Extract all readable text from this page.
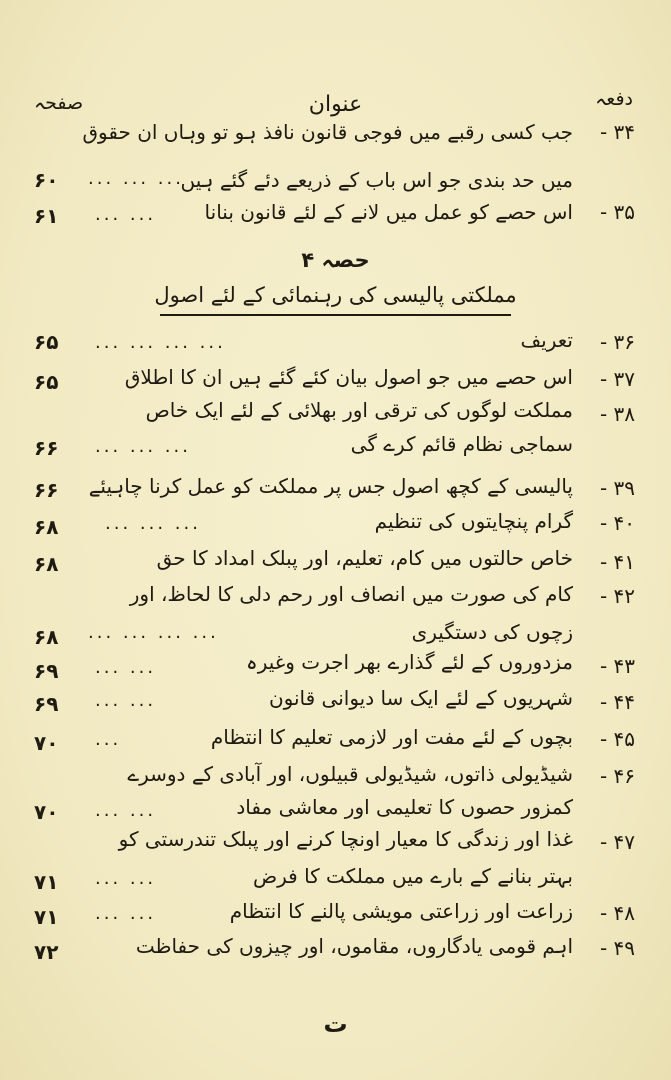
دفعہ
عنوان
صفحہ
۳۴ -
جب کسی رقبے میں فوجی قانون نافذ ہو تو وہاں ان حقوق
میں حد بندی جو اس باب کے ذریعے دئے گئے ہیں
... ... ...
۶۰
۳۵ -
اس حصے کو عمل میں لانے کے لئے قانون بنانا
... ...
۶۱
حصہ ۴
مملکتی پالیسی کی رہنمائی کے لئے اصول
۳۶ -
تعریف
... ... ... ...
۶۵
۳۷ -
اس حصے میں جو اصول بیان کئے گئے ہیں ان کا اطلاق
۶۵
۳۸ -
مملکت لوگوں کی ترقی اور بھلائی کے لئے ایک خاص
سماجی نظام قائم کرے گی
... ... ...
۶۶
۳۹ -
پالیسی کے کچھ اصول جس پر مملکت کو عمل کرنا چاہیئے
۶۶
۴۰ -
گرام پنچایتوں کی تنظیم
... ... ...
۶۸
۴۱ -
خاص حالتوں میں کام، تعلیم، اور پبلک امداد کا حق
۶۸
۴۲ -
کام کی صورت میں انصاف اور رحم دلی کا لحاظ، اور
زچوں کی دستگیری
... ... ... ...
۶۸
۴۳ -
مزدوروں کے لئے گذارے بھر اجرت وغیرہ
... ...
۶۹
۴۴ -
شہریوں کے لئے ایک سا دیوانی قانون
... ...
۶۹
۴۵ -
بچوں کے لئے مفت اور لازمی تعلیم کا انتظام
...
۷۰
۴۶ -
شیڈیولی ذاتوں، شیڈیولی قبیلوں، اور آبادی کے دوسرے
کمزور حصوں کا تعلیمی اور معاشی مفاد
... ...
۷۰
۴۷ -
غذا اور زندگی کا معیار اونچا کرنے اور پبلک تندرستی کو
بہتر بنانے کے بارے میں مملکت کا فرض
... ...
۷۱
۴۸ -
زراعت اور زراعتی مویشی پالنے کا انتظام
... ...
۷۱
۴۹ -
اہم قومی یادگاروں، مقاموں، اور چیزوں کی حفاظت
۷۲
ت
